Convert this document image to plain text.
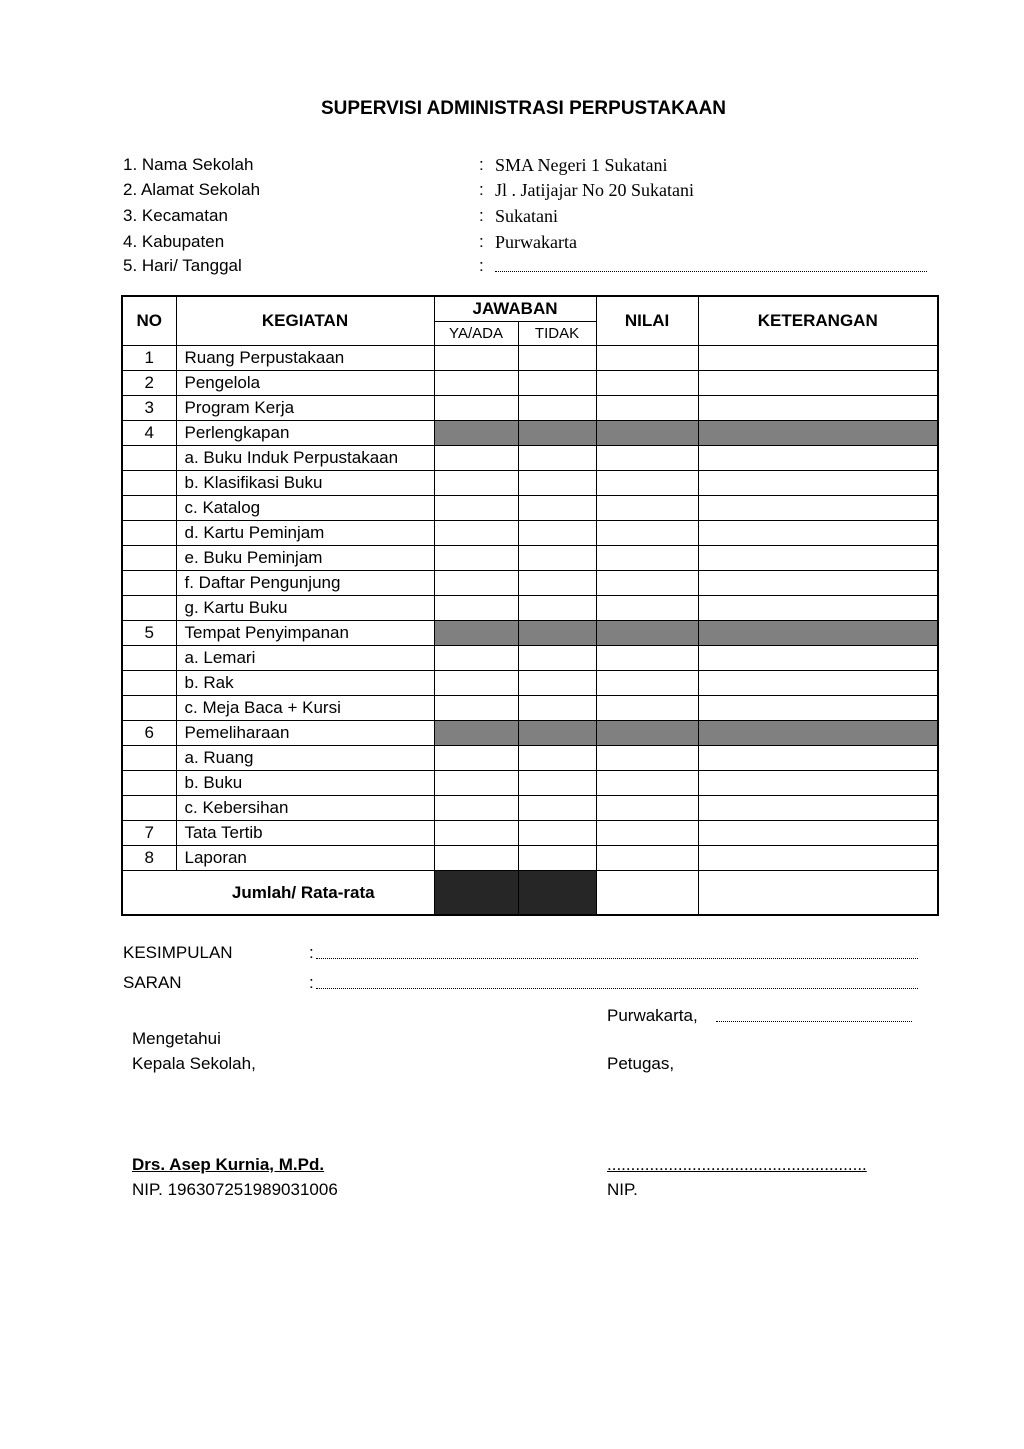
SUPERVISI ADMINISTRASI PERPUSTAKAAN
1. Nama Sekolah	: SMA Negeri 1 Sukatani
2. Alamat Sekolah	: Jl . Jatijajar No 20 Sukatani
3. Kecamatan	: Sukatani
4. Kabupaten	: Purwakarta
5. Hari/ Tanggal	:
NO	KEGIATAN	JAWABAN		NILAI	KETERANGAN
		YA/ADA	TIDAK		
1	Ruang Perpustakaan				
2	Pengelola				
3	Program Kerja				
4	Perlengkapan				
	a. Buku Induk Perpustakaan				
	b. Klasifikasi Buku				
	c. Katalog				
	d. Kartu Peminjam				
	e. Buku Peminjam				
	f. Daftar Pengunjung				
	g. Kartu Buku				
5	Tempat Penyimpanan				
	a. Lemari				
	b. Rak				
	c. Meja Baca + Kursi				
6	Pemeliharaan				
	a. Ruang				
	b. Buku				
	c. Kebersihan				
7	Tata Tertib				
8	Laporan				
Jumlah/ Rata-rata					
KESIMPULAN	:
SARAN	:
Purwakarta,
Mengetahui
Kepala Sekolah,	Petugas,
Drs. Asep Kurnia, M.Pd.	.......................................................
NIP. 196307251989031006	NIP.
